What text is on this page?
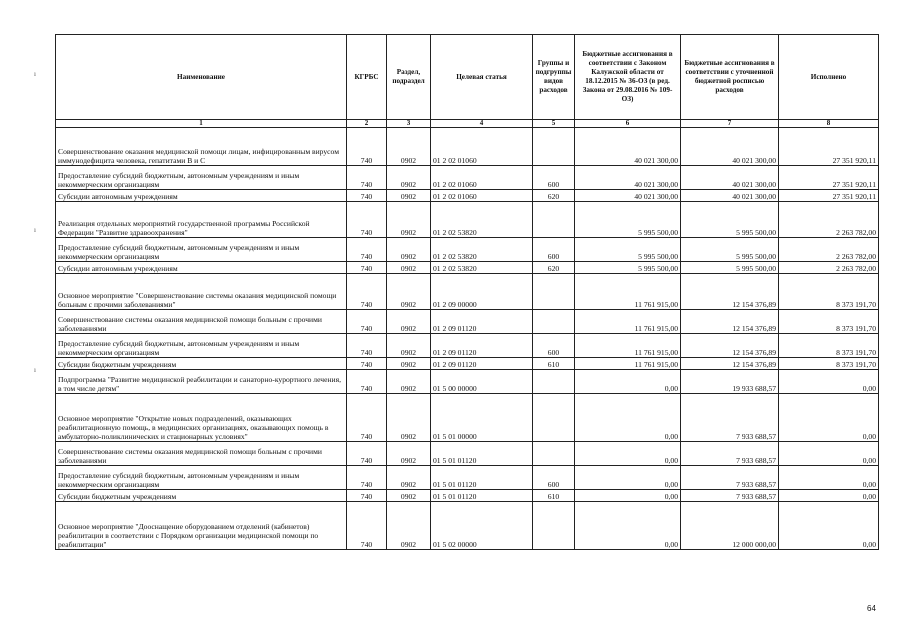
ı
ı
ı
Наименование	КГРБС	Раздел, подраздел	Целевая статья	Группы и подгруппы видов расходов	Бюджетные ассигнования в соответствии с Законом Калужской области от 18.12.2015 № 36-ОЗ (в ред. Закона от 29.08.2016 № 109-ОЗ)	Бюджетные ассигнования в соответствии с уточненной бюджетной росписью расходов	Исполнено
1	2	3	4	5	6	7	8
Совершенствование оказания медицинской помощи лицам, инфицированным вирусом иммунодефицита человека, гепатитами В и С	740	0902	01 2 02 01060		40 021 300,00	40 021 300,00	27 351 920,11
Предоставление субсидий бюджетным, автономным учреждениям и иным некоммерческим организациям	740	0902	01 2 02 01060	600	40 021 300,00	40 021 300,00	27 351 920,11
Субсидии автономным учреждениям	740	0902	01 2 02 01060	620	40 021 300,00	40 021 300,00	27 351 920,11
Реализация отдельных мероприятий государственной программы Российской Федерации "Развитие здравоохранения"	740	0902	01 2 02 53820		5 995 500,00	5 995 500,00	2 263 782,00
Предоставление субсидий бюджетным, автономным учреждениям и иным некоммерческим организациям	740	0902	01 2 02 53820	600	5 995 500,00	5 995 500,00	2 263 782,00
Субсидии автономным учреждениям	740	0902	01 2 02 53820	620	5 995 500,00	5 995 500,00	2 263 782,00
Основное мероприятие "Совершенствование системы оказания медицинской помощи больным с прочими заболеваниями"	740	0902	01 2 09 00000		11 761 915,00	12 154 376,89	8 373 191,70
Совершенствование системы оказания медицинской помощи больным с прочими заболеваниями	740	0902	01 2 09 01120		11 761 915,00	12 154 376,89	8 373 191,70
Предоставление субсидий бюджетным, автономным учреждениям и иным некоммерческим организациям	740	0902	01 2 09 01120	600	11 761 915,00	12 154 376,89	8 373 191,70
Субсидии бюджетным учреждениям	740	0902	01 2 09 01120	610	11 761 915,00	12 154 376,89	8 373 191,70
Подпрограмма "Развитие медицинской реабилитации и санаторно-курортного лечения, в том числе детям"	740	0902	01 5 00 00000		0,00	19 933 688,57	0,00
Основное мероприятие "Открытие новых подразделений, оказывающих реабилитационную помощь, в медицинских организациях, оказывающих помощь в амбулаторно-поликлинических и стационарных условиях"	740	0902	01 5 01 00000		0,00	7 933 688,57	0,00
Совершенствование системы оказания медицинской помощи больным с прочими заболеваниями	740	0902	01 5 01 01120		0,00	7 933 688,57	0,00
Предоставление субсидий бюджетным, автономным учреждениям и иным некоммерческим организациям	740	0902	01 5 01 01120	600	0,00	7 933 688,57	0,00
Субсидии бюджетным учреждениям	740	0902	01 5 01 01120	610	0,00	7 933 688,57	0,00
Основное мероприятие "Дооснащение оборудованием отделений (кабинетов) реабилитации в соответствии с Порядком организации медицинской помощи по реабилитации"	740	0902	01 5 02 00000		0,00	12 000 000,00	0,00
64
